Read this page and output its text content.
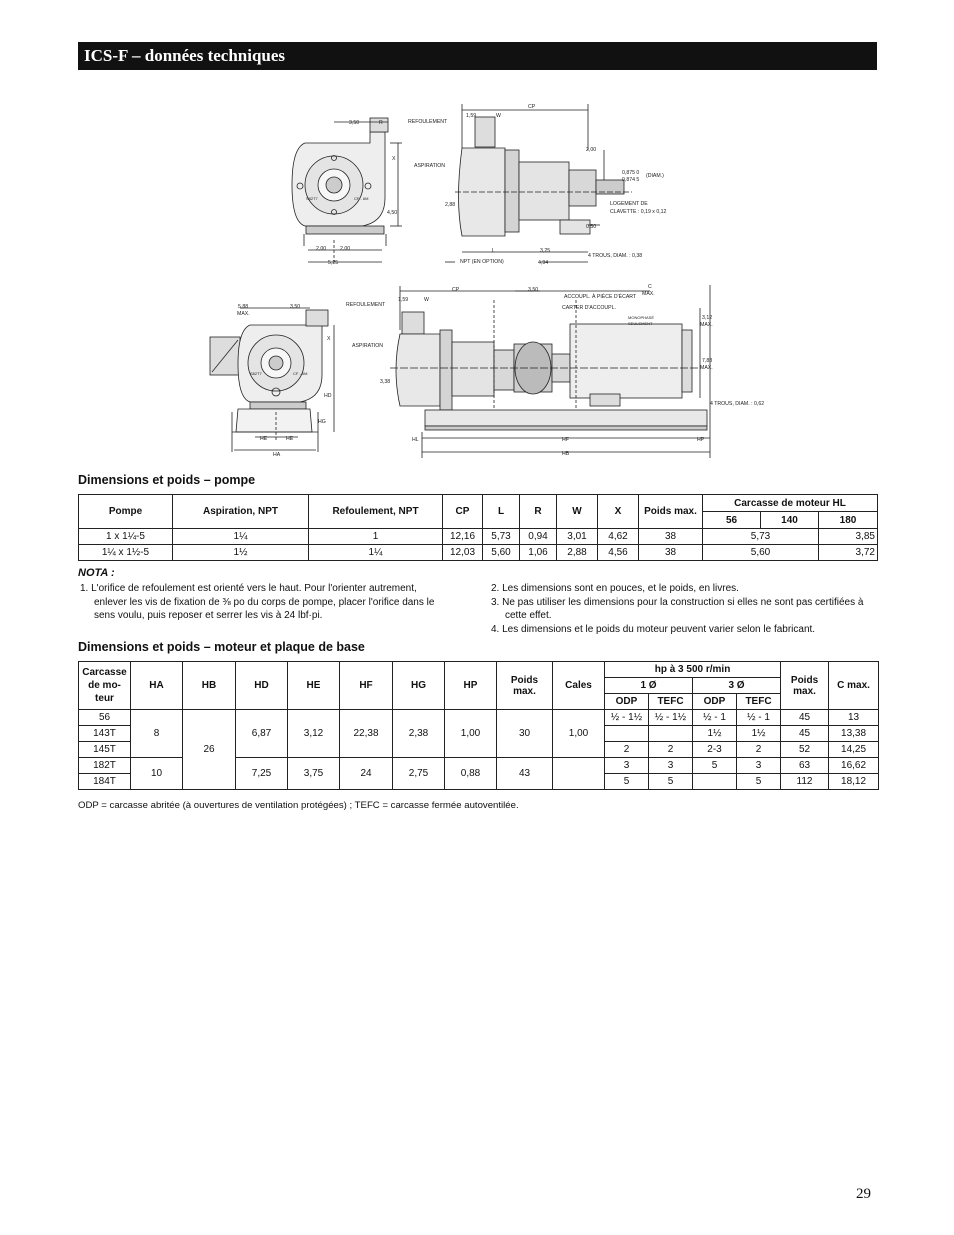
ICS-F – données techniques
3,50	R
X
4,50
2,00	2,00
5,25
S82T7	CF - 6M
CP
1,59	W
REFOULEMENT
ASPIRATION
2,00
0,875 0
0,874 5
(DIAM.)
LOGEMENT DE
CLAVETTE : 0,19 x 0,12
0,50
2,88
L	3,25
4,94
NPT (EN OPTION)
4 TROUS, DIAM. : 0,38
5,88
MAX.
3,50
X
HD
HG
HE	HE
HA
S82T7	CF - 6M
CP
1,59	W
3,50	C
MAX.
REFOULEMENT
ACCOUPL. À PIÈCE D'ÉCART
CARTER D'ACCOUPL.
MONOPHASÉ
SEULEMENT
3,12
MAX.
ASPIRATION
7,88
MAX.
3,38
4 TROUS, DIAM. : 0,62
HL	HF	HP
HB
Dimensions et poids – pompe
Pompe	Aspiration, NPT	Refoulement, NPT	CP	L	R	W	X	Poids max.	Carcasse de moteur HL		
									56	140	180
1 x 1¼-5	1¼	1	12,16	5,73	0,94	3,01	4,62	38	5,73		3,85
1¼ x 1½-5	1½	1¼	12,03	5,60	1,06	2,88	4,56	38	5,60		3,72
NOTA :
1. L'orifice de refoulement est orienté vers le haut. Pour l'orienter autrement, enlever les vis de fixation de ⅜ po du corps de pompe, placer l'orifice dans le sens voulu, puis reposer et serrer les vis à 24 lbf·pi.
2. Les dimensions sont en pouces, et le poids, en livres.
3. Ne pas utiliser les dimensions pour la construction si elles ne sont pas certifiées à cette effet.
4. Les dimensions et le poids du moteur peuvent varier selon le fabricant.
Dimensions et poids – moteur et plaque de base
Carcasse de mo-teur	HA	HB	HD	HE	HF	HG	HP	Poids max.	Cales	hp à 3 500 r/min				Poids max.	C max.
										1 Ø		3 Ø			
										ODP	TEFC	ODP	TEFC		
56	8	26	6,87	3,12	22,38	2,38	1,00	30	1,00	½ - 1½	½ - 1½	½ - 1	½ - 1	45	13
143T												1½	1½	45	13,38
145T										2	2	2-3	2	52	14,25
182T	10		7,25	3,75	24	2,75	0,88	43		3	3	5	3	63	16,62
184T										5	5		5	112	18,12
ODP = carcasse abritée (à ouvertures de ventilation protégées) ; TEFC = carcasse fermée autoventilée.
29
